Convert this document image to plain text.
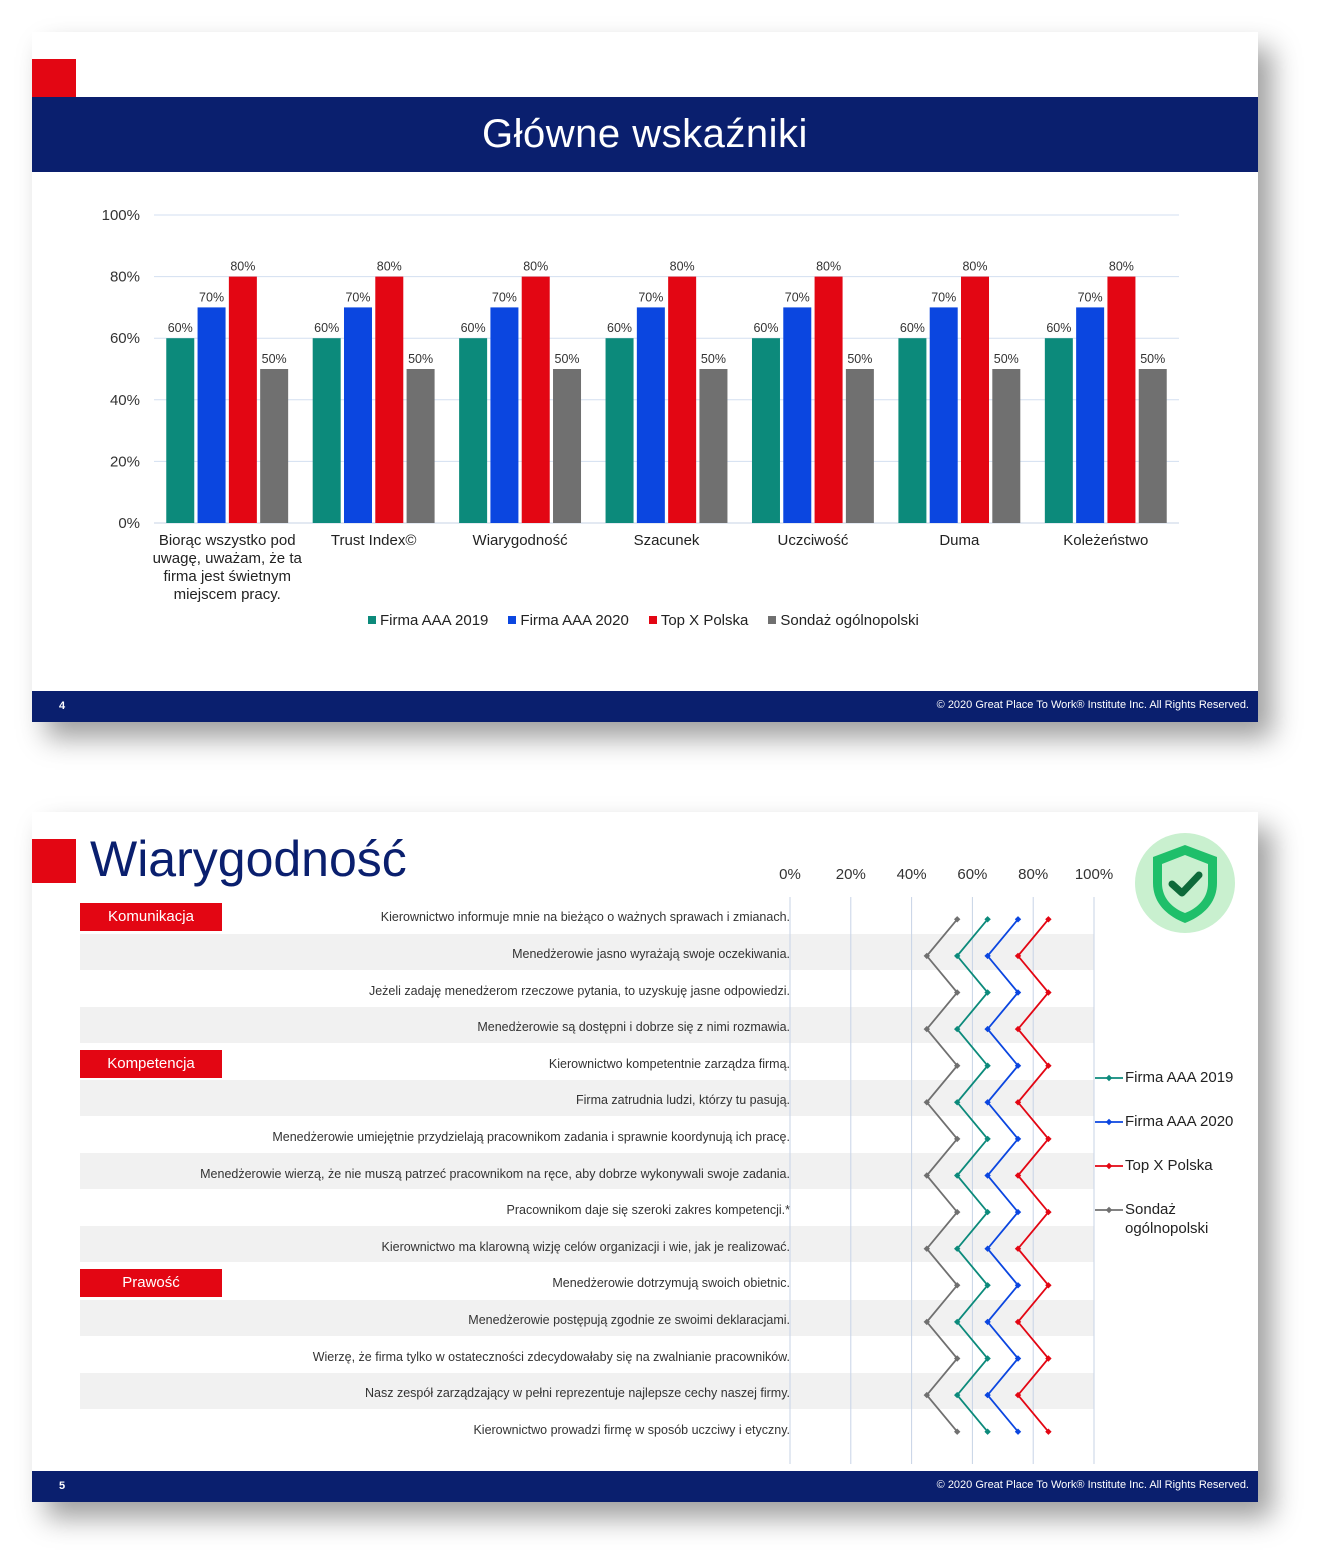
Główne wskaźniki
0%
20%
40%
60%
80%
100%
60%
70%
80%
50%
60%
70%
80%
50%
60%
70%
80%
50%
60%
70%
80%
50%
60%
70%
80%
50%
60%
70%
80%
50%
60%
70%
80%
50%
Biorąc wszystko pod uwagę, uważam, że ta firma jest świetnym miejscem pracy.
Trust Index©	Wiarygodność	Szacunek	Uczciwość	Duma	Koleżeństwo
Firma AAA 2019 Firma AAA 2020 Top X Polska Sondaż ogólnopolski
4	© 2020 Great Place To Work® Institute Inc. All Rights Reserved.
Wiarygodność
Kierownictwo informuje mnie na bieżąco o ważnych sprawach i zmianach.
Menedżerowie jasno wyrażają swoje oczekiwania.
Jeżeli zadaję menedżerom rzeczowe pytania, to uzyskuję jasne odpowiedzi.
Menedżerowie są dostępni i dobrze się z nimi rozmawia.
Kierownictwo kompetentnie zarządza firmą.
Firma zatrudnia ludzi, którzy tu pasują.
Menedżerowie umiejętnie przydzielają pracownikom zadania i sprawnie koordynują ich pracę.
Menedżerowie wierzą, że nie muszą patrzeć pracownikom na ręce, aby dobrze wykonywali swoje zadania.
Pracownikom daje się szeroki zakres kompetencji.*
Kierownictwo ma klarowną wizję celów organizacji i wie, jak je realizować.
Menedżerowie dotrzymują swoich obietnic.
Menedżerowie postępują zgodnie ze swoimi deklaracjami.
Wierzę, że firma tylko w ostateczności zdecydowałaby się na zwalnianie pracowników.
Nasz zespół zarządzający w pełni reprezentuje najlepsze cechy naszej firmy.
Kierownictwo prowadzi firmę w sposób uczciwy i etyczny.
Komunikacja
Kompetencja
Prawość
0%	20%	40%	60%	80%	100%
Firma AAA 2019
Firma AAA 2020
Top X Polska
Sondaż ogólnopolski
5	© 2020 Great Place To Work® Institute Inc. All Rights Reserved.
